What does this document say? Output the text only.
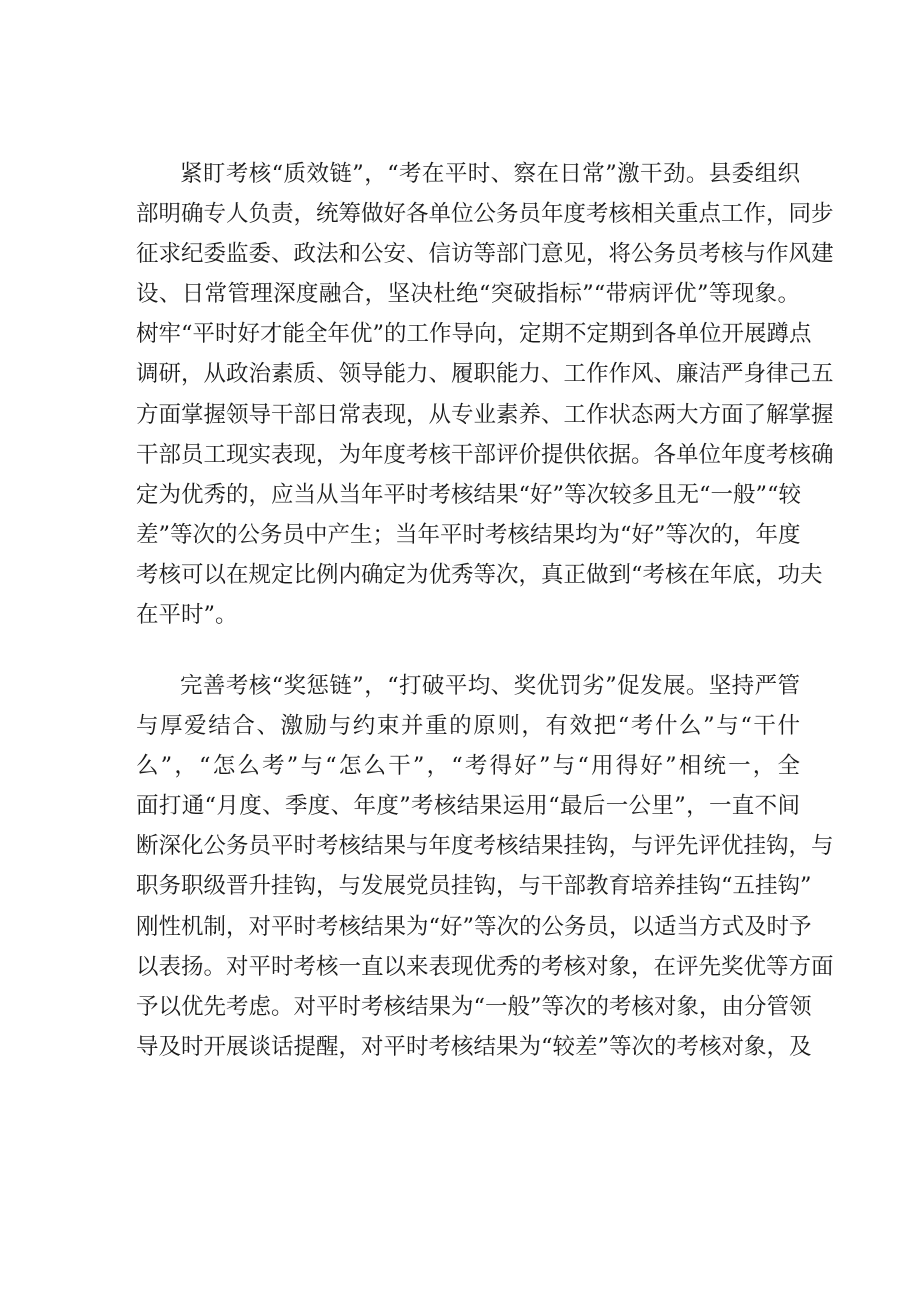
紧盯考核“质效链”，“考在平时、察在日常”激干劲。县委组织
部明确专人负责，统筹做好各单位公务员年度考核相关重点工作，同步
征求纪委监委、政法和公安、信访等部门意见，将公务员考核与作风建
设、日常管理深度融合，坚决杜绝“突破指标”“带病评优”等现象。
树牢“平时好才能全年优”的工作导向，定期不定期到各单位开展蹲点
调研，从政治素质、领导能力、履职能力、工作作风、廉洁严身律己五
方面掌握领导干部日常表现，从专业素养、工作状态两大方面了解掌握
干部员工现实表现，为年度考核干部评价提供依据。各单位年度考核确
定为优秀的，应当从当年平时考核结果“好”等次较多且无“一般”“较
差”等次的公务员中产生；当年平时考核结果均为“好”等次的，年度
考核可以在规定比例内确定为优秀等次，真正做到“考核在年底，功夫
在平时”。
完善考核“奖惩链”，“打破平均、奖优罚劣”促发展。坚持严管
与厚爱结合、激励与约束并重的原则，有效把“考什么”与“干什
么”，“怎么考”与“怎么干”，“考得好”与“用得好”相统一，全
面打通“月度、季度、年度”考核结果运用“最后一公里”，一直不间
断深化公务员平时考核结果与年度考核结果挂钩，与评先评优挂钩，与
职务职级晋升挂钩，与发展党员挂钩，与干部教育培养挂钩“五挂钩”
刚性机制，对平时考核结果为“好”等次的公务员，以适当方式及时予
以表扬。对平时考核一直以来表现优秀的考核对象，在评先奖优等方面
予以优先考虑。对平时考核结果为“一般”等次的考核对象，由分管领
导及时开展谈话提醒，对平时考核结果为“较差”等次的考核对象，及
